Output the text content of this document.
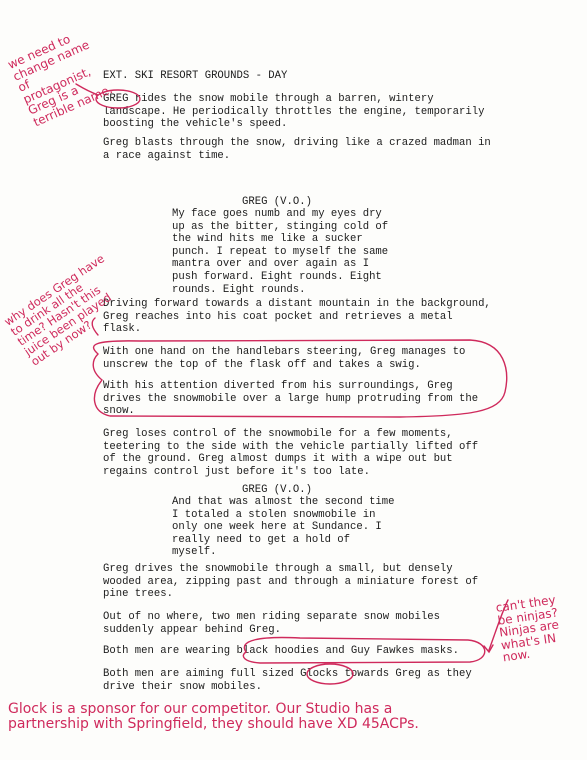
EXT. SKI RESORT GROUNDS - DAY
GREG rides the snow mobile through a barren, wintery
landscape. He periodically throttles the engine, temporarily
boosting the vehicle's speed.
Greg blasts through the snow, driving like a crazed madman in
a race against time.
GREG (V.O.)
My face goes numb and my eyes dry
up as the bitter, stinging cold of
the wind hits me like a sucker
punch. I repeat to myself the same
mantra over and over again as I
push forward. Eight rounds. Eight
rounds. Eight rounds.
Driving forward towards a distant mountain in the background,
Greg reaches into his coat pocket and retrieves a metal
flask.
With one hand on the handlebars steering, Greg manages to
unscrew the top of the flask off and takes a swig.
With his attention diverted from his surroundings, Greg
drives the snowmobile over a large hump protruding from the
snow.
Greg loses control of the snowmobile for a few moments,
teetering to the side with the vehicle partially lifted off
of the ground. Greg almost dumps it with a wipe out but
regains control just before it's too late.
GREG (V.O.)
And that was almost the second time
I totaled a stolen snowmobile in
only one week here at Sundance. I
really need to get a hold of
myself.
Greg drives the snowmobile through a small, but densely
wooded area, zipping past and through a miniature forest of
pine trees.
Out of no where, two men riding separate snow mobiles
suddenly appear behind Greg.
Both men are wearing black hoodies and Guy Fawkes masks.
Both men are aiming full sized Glocks towards Greg as they
drive their snow mobiles.
we need to
change name
of
protagonist,
Greg is a
terrible name.
why does Greg have
to drink all the
time? Hasn't this
juice been played
out by now?
can't they
be ninjas?
Ninjas are
what's IN
now.
Glock is a sponsor for our competitor. Our Studio has a
partnership with Springfield, they should have XD 45ACPs.
